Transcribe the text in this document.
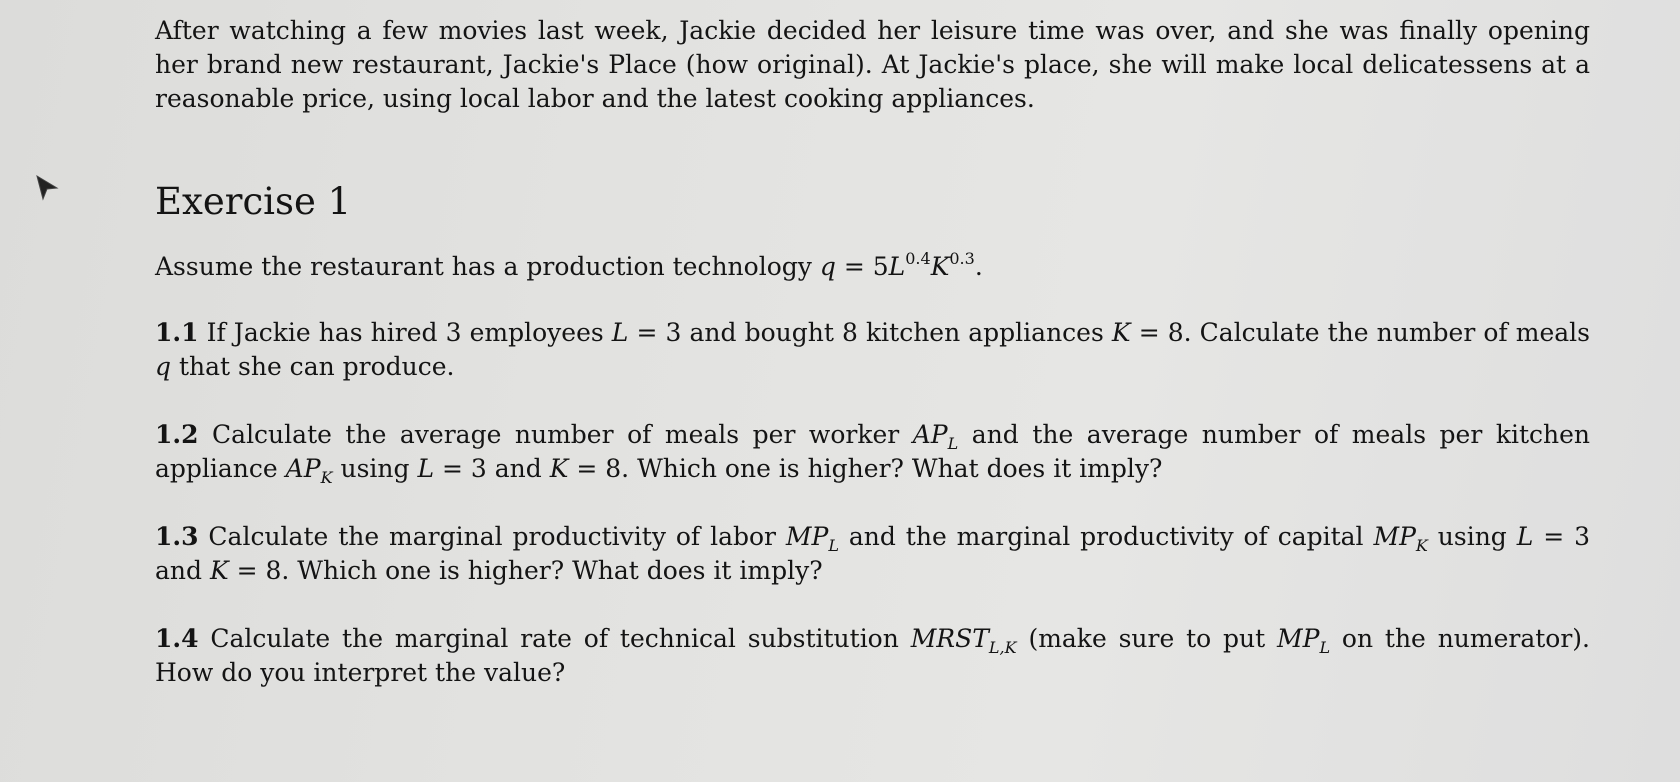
After watching a few movies last week, Jackie decided her leisure time was over, and she was finally opening her brand new restaurant, Jackie's Place (how original). At Jackie's place, she will make local delicatessens at a reasonable price, using local labor and the latest cooking appliances.

Exercise 1

Assume the restaurant has a production technology $q = 5L^{0.4}K^{0.3}$.

1.1 If Jackie has hired 3 employees L = 3 and bought 8 kitchen appliances K = 8. Calculate the number of meals q that she can produce.

1.2 Calculate the average number of meals per worker $AP_L$ and the average number of meals per kitchen appliance $AP_K$ using L = 3 and K = 8. Which one is higher? What does it imply?

1.3 Calculate the marginal productivity of labor $MP_L$ and the marginal productivity of capital $MP_K$ using L = 3 and K = 8. Which one is higher? What does it imply?

1.4 Calculate the marginal rate of technical substitution $MRST_{L,K}$ (make sure to put $MP_L$ on the numerator). How do you interpret the value?
